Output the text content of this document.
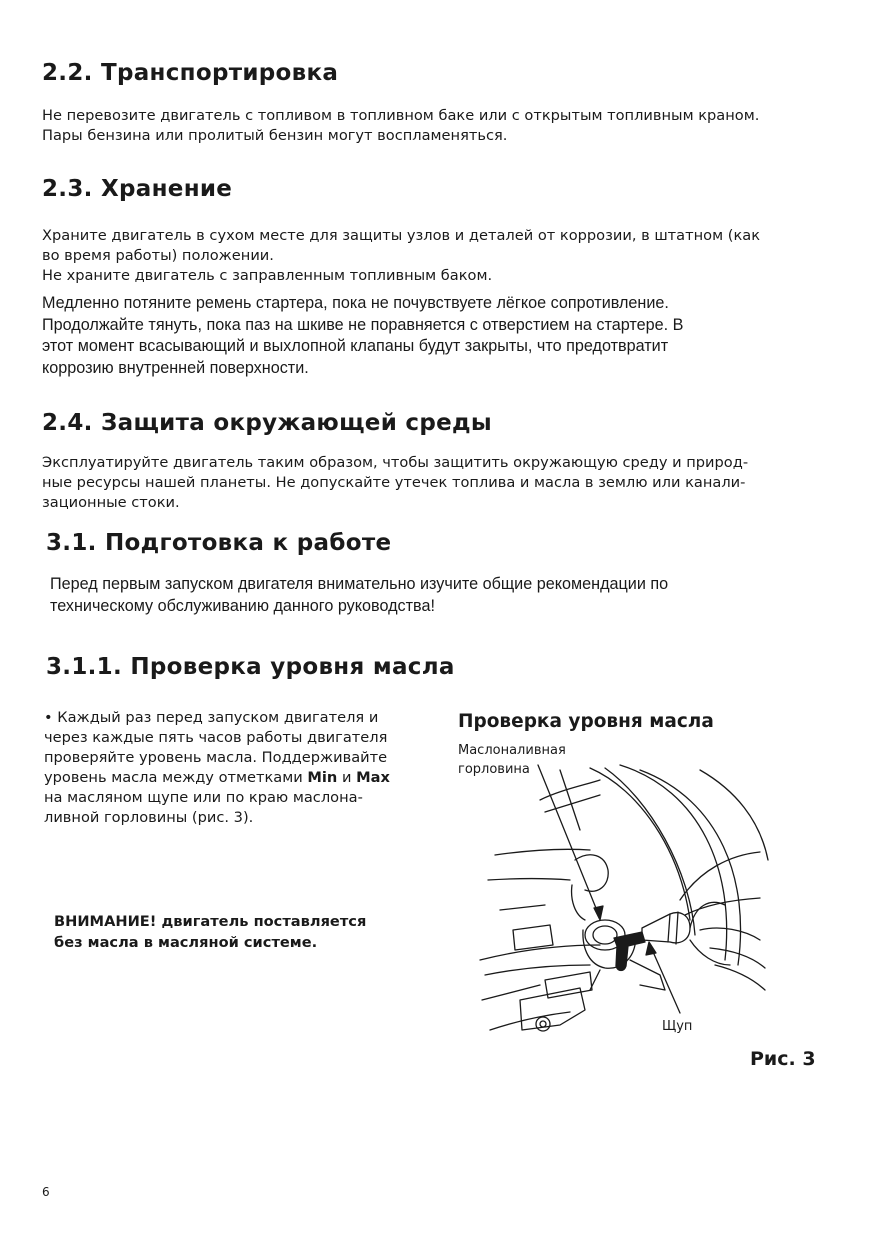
2.2. Транспортировка
Не перевозите двигатель с топливом в топливном баке или с открытым топливным краном.
Пары бензина или пролитый бензин могут воспламеняться.
2.3. Хранение
Храните двигатель в сухом месте для защиты узлов и деталей от коррозии, в штатном (как
во время работы) положении.
Не храните двигатель с заправленным топливным баком.
Медленно потяните ремень стартера, пока не почувствуете лёгкое сопротивление.
Продолжайте тянуть, пока паз на шкиве не поравняется с отверстием на стартере. В
этот момент всасывающий и выхлопной клапаны будут закрыты, что предотвратит
коррозию внутренней поверхности.
2.4. Защита окружающей среды
Эксплуатируйте двигатель таким образом, чтобы защитить окружающую среду и природ-
ные ресурсы нашей планеты. Не допускайте утечек топлива и масла в землю или канали-
зационные стоки.
3.1. Подготовка к работе
Перед первым запуском двигателя внимательно изучите общие рекомендации по
техническому обслуживанию данного руководства!
3.1.1. Проверка уровня масла
• Каждый раз перед запуском двигателя и
через каждые пять часов работы двигателя
проверяйте уровень масла. Поддерживайте
уровень масла между отметками Min и Max
на масляном щупе или по краю маслона-
ливной горловины (рис. 3).
ВНИМАНИЕ! двигатель поставляется
без масла в масляной системе.
Проверка уровня масла
Маслоналивная
горловина
Щуп
Рис. 3
6
